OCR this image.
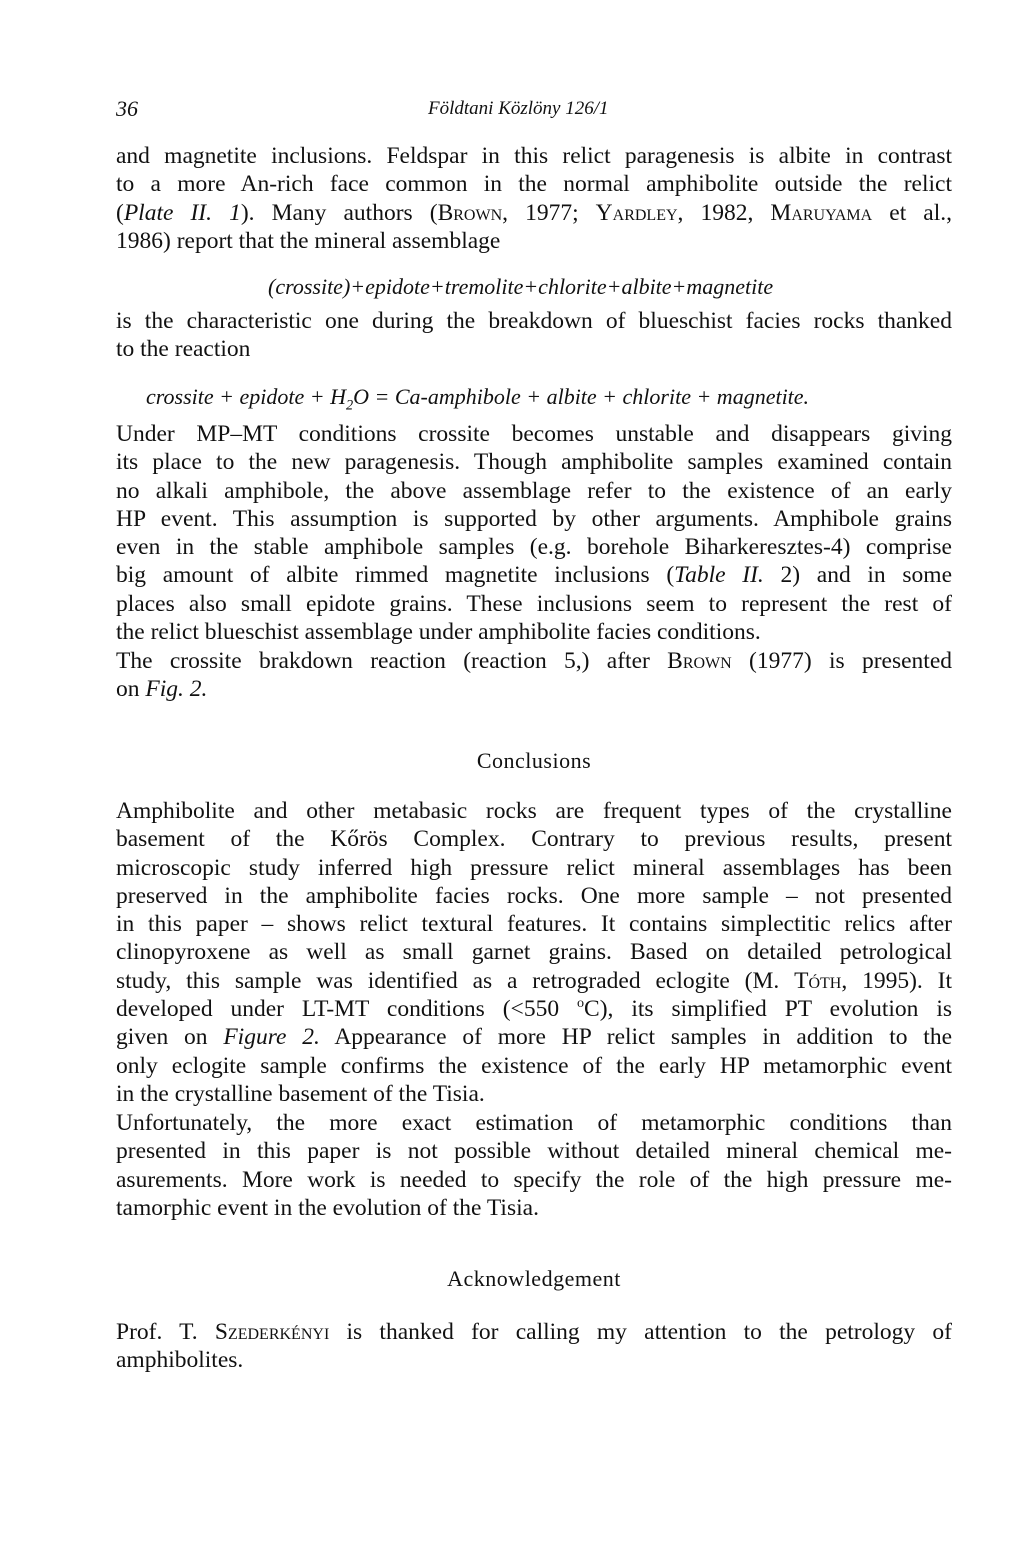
36	Földtani Közlöny 126/1

and magnetite inclusions. Feldspar in this relict paragenesis is albite in contrast
to a more An-rich face common in the normal amphibolite outside the relict
(Plate II. 1). Many authors (Brown, 1977; Yardley, 1982, Maruyama et al.,
1986) report that the mineral assemblage

(crossite)+epidote+tremolite+chlorite+albite+magnetite

is the characteristic one during the breakdown of blueschist facies rocks thanked
to the reaction

crossite + epidote + $H_2O$ = Ca-amphibole + albite + chlorite + magnetite.

Under MP–MT conditions crossite becomes unstable and disappears giving
its place to the new paragenesis. Though amphibolite samples examined contain
no alkali amphibole, the above assemblage refer to the existence of an early
HP event. This assumption is supported by other arguments. Amphibole grains
even in the stable amphibole samples (e.g. borehole Biharkeresztes-4) comprise
big amount of albite rimmed magnetite inclusions (Table II. 2) and in some
places also small epidote grains. These inclusions seem to represent the rest of
the relict blueschist assemblage under amphibolite facies conditions.

The crossite brakdown reaction (reaction 5,) after Brown (1977) is presented
on Fig. 2.

Conclusions

Amphibolite and other metabasic rocks are frequent types of the crystalline
basement of the Kőrös Complex. Contrary to previous results, present
microscopic study inferred high pressure relict mineral assemblages has been
preserved in the amphibolite facies rocks. One more sample – not presented
in this paper – shows relict textural features. It contains simplectitic relics after
clinopyroxene as well as small garnet grains. Based on detailed petrological
study, this sample was identified as a retrograded eclogite (M. Tóth, 1995). It
developed under LT-MT conditions (<550 $^o$C), its simplified PT evolution is
given on Figure 2. Appearance of more HP relict samples in addition to the
only eclogite sample confirms the existence of the early HP metamorphic event
in the crystalline basement of the Tisia.

Unfortunately, the more exact estimation of metamorphic conditions than
presented in this paper is not possible without detailed mineral chemical me-
asurements. More work is needed to specify the role of the high pressure me-
tamorphic event in the evolution of the Tisia.

Acknowledgement

Prof. T. Szederkényi is thanked for calling my attention to the petrology of
amphibolites.
